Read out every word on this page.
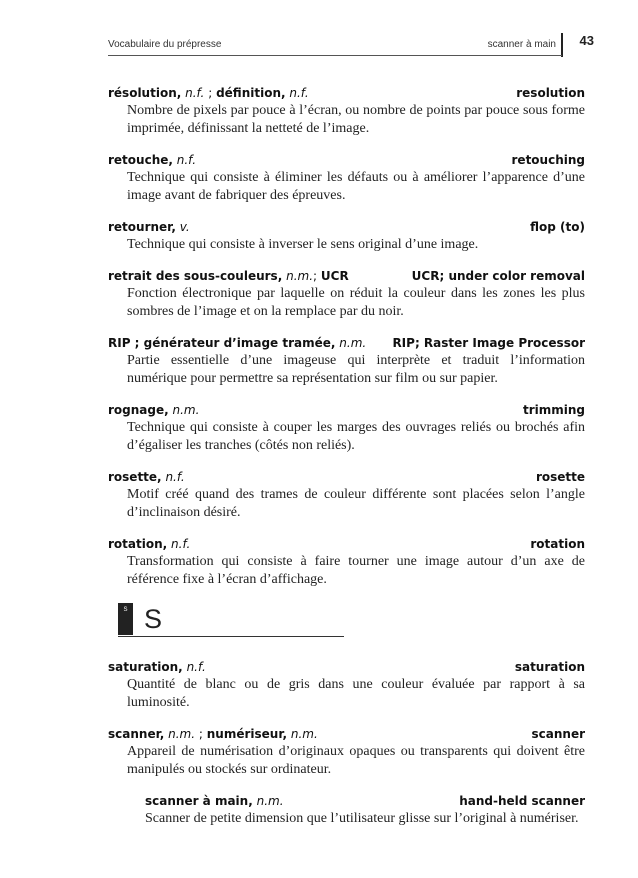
Vocabulaire du prépresse	scanner à main 43
résolution, n.f. ; définition, n.f.	resolution
Nombre de pixels par pouce à l’écran, ou nombre de points par pouce sous forme imprimée, définissant la netteté de l’image.
retouche, n.f.	retouching
Technique qui consiste à éliminer les défauts ou à améliorer l’apparence d’une image avant de fabriquer des épreuves.
retourner, v.	flop (to)
Technique qui consiste à inverser le sens original d’une image.
retrait des sous-couleurs, n.m.; UCR	UCR; under color removal
Fonction électronique par laquelle on réduit la couleur dans les zones les plus sombres de l’image et on la remplace par du noir.
RIP ; générateur d’image tramée, n.m. RIP; Raster Image Processor
Partie essentielle d’une imageuse qui interprète et traduit l’information numérique pour permettre sa représentation sur film ou sur papier.
rognage, n.m.	trimming
Technique qui consiste à couper les marges des ouvrages reliés ou brochés afin d’égaliser les tranches (côtés non reliés).
rosette, n.f.	rosette
Motif créé quand des trames de couleur différente sont placées selon l’angle d’inclinaison désiré.
rotation, n.f.	rotation
Transformation qui consiste à faire tourner une image autour d’un axe de référence fixe à l’écran d’affichage.
S S
saturation, n.f.	saturation
Quantité de blanc ou de gris dans une couleur évaluée par rapport à sa luminosité.
scanner, n.m. ; numériseur, n.m.	scanner
Appareil de numérisation d’originaux opaques ou transparents qui doivent être manipulés ou stockés sur ordinateur.
scanner à main, n.m.	hand-held scanner
Scanner de petite dimension que l’utilisateur glisse sur l’original à numériser.
